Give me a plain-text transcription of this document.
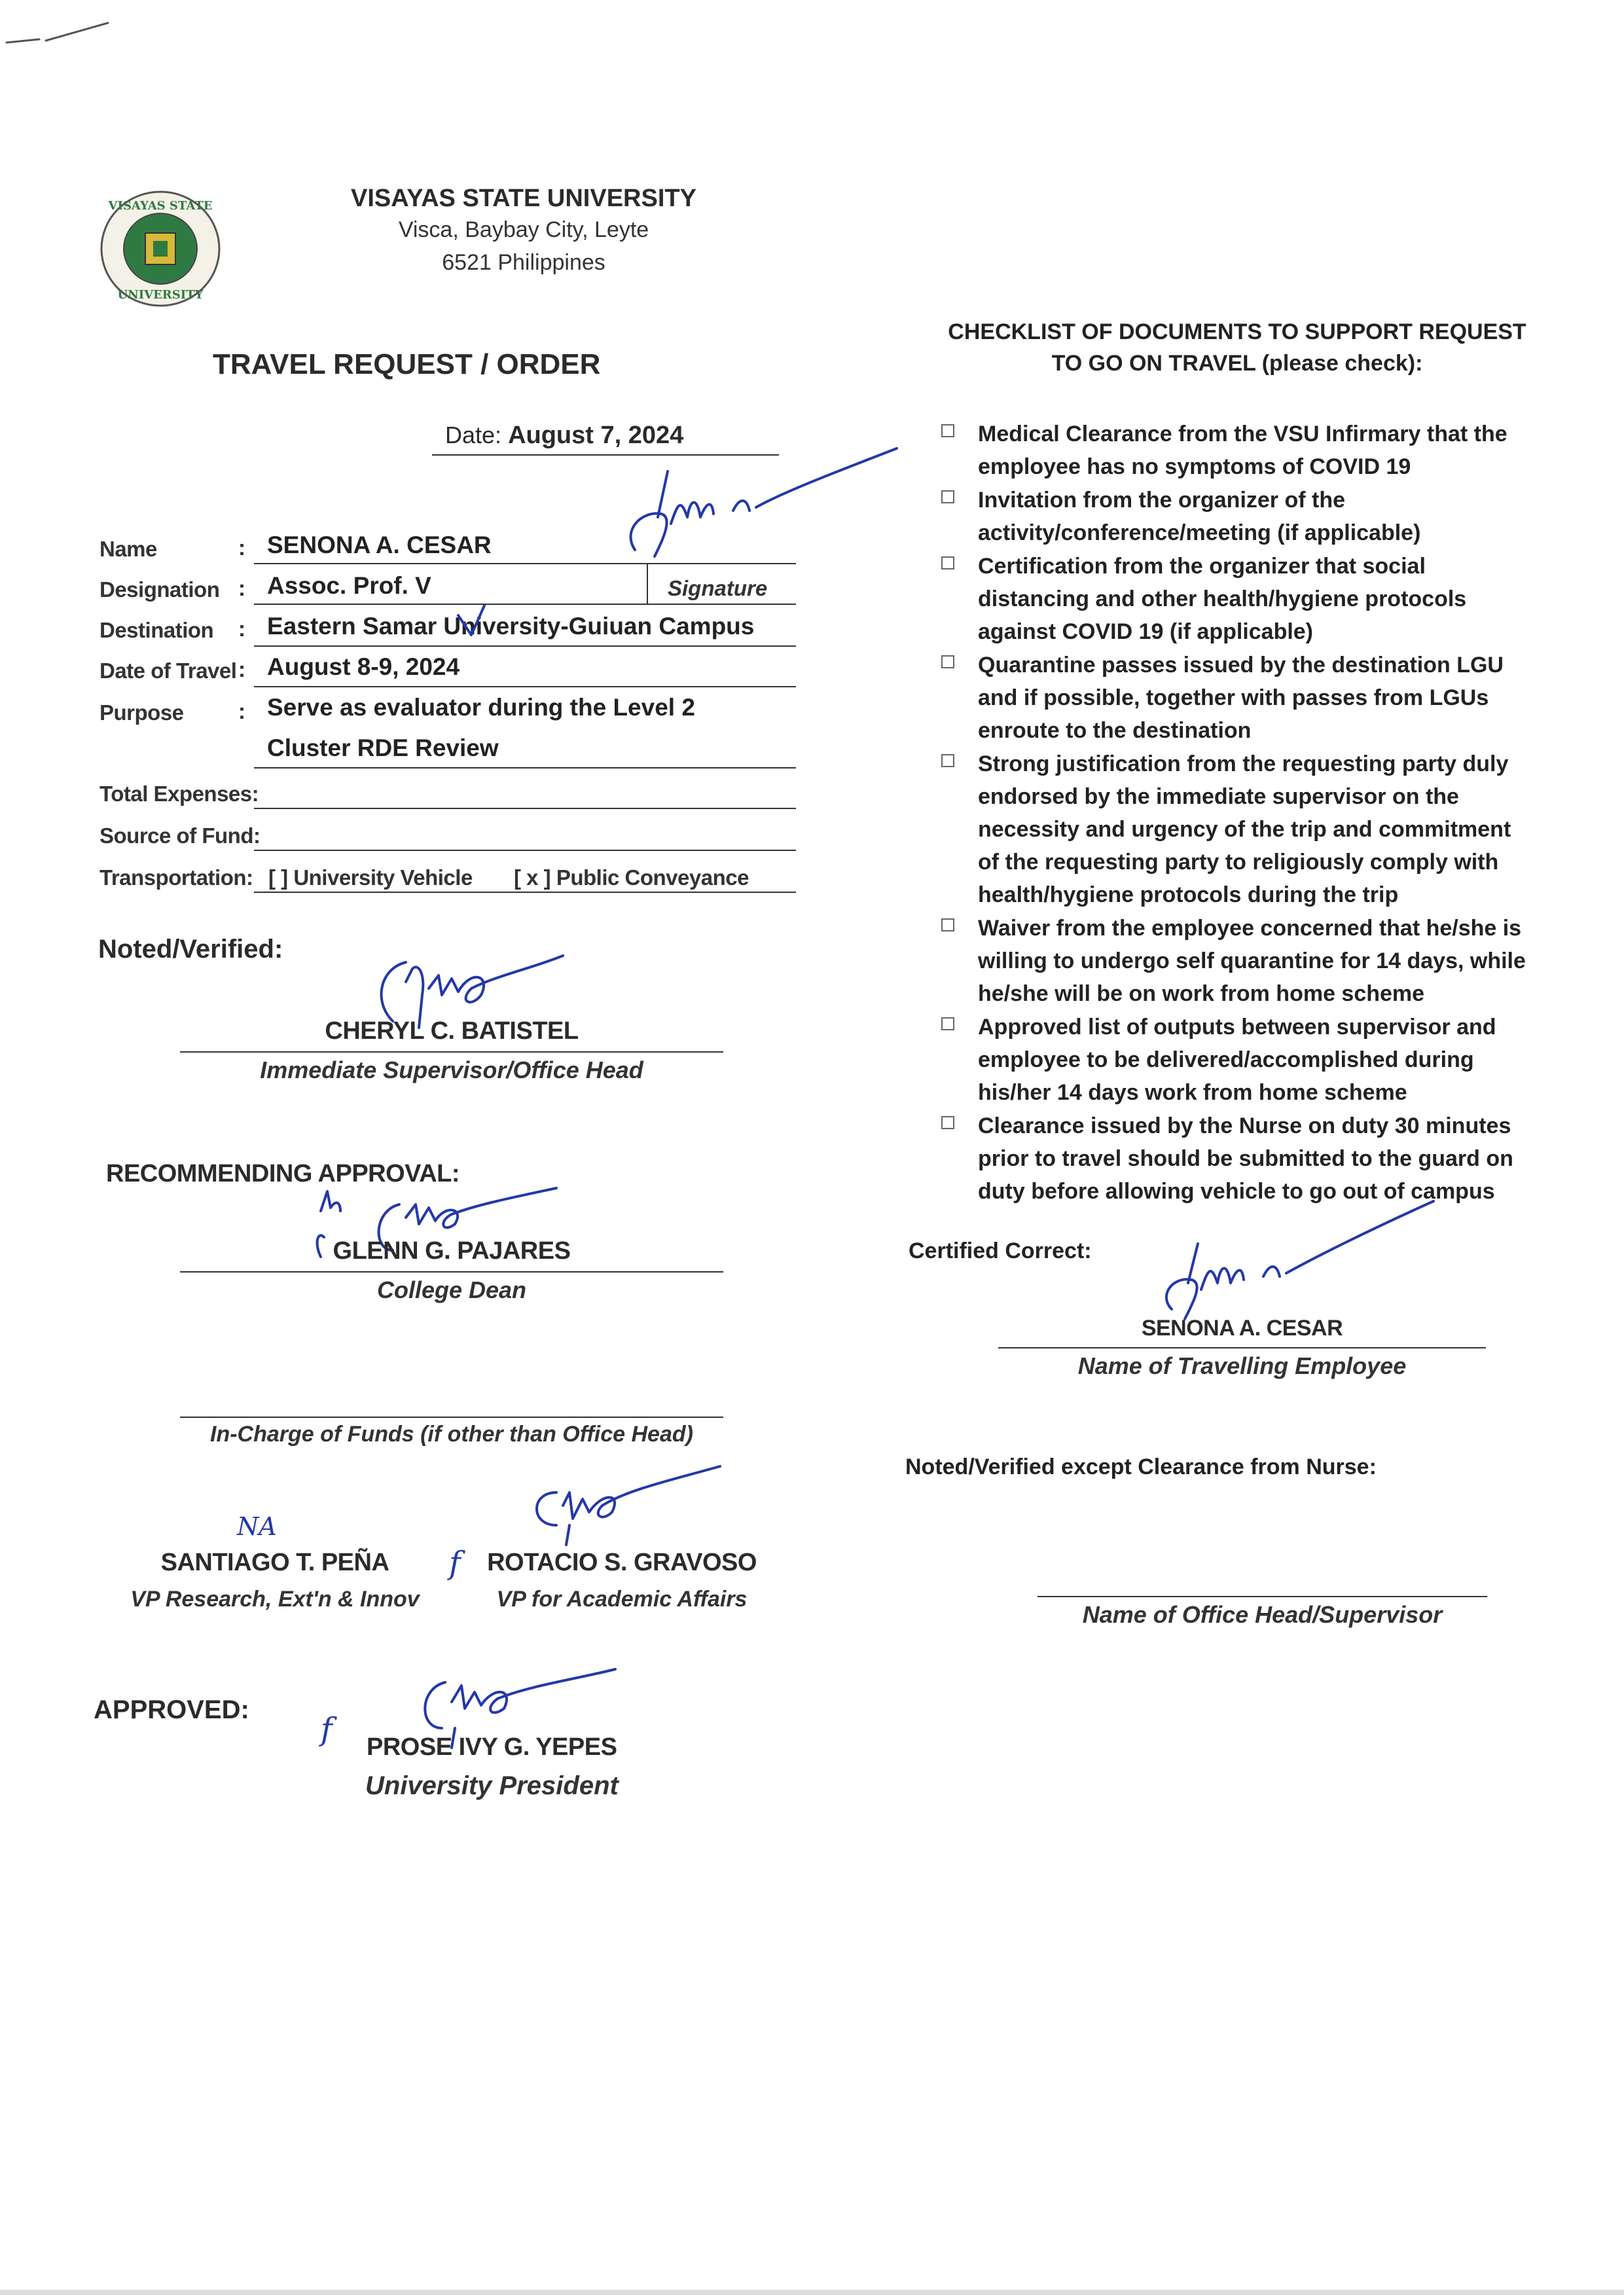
VISAYAS STATE
UNIVERSITY
VISAYAS STATE UNIVERSITY
Visca, Baybay City, Leyte
6521 Philippines
TRAVEL REQUEST / ORDER
Date: August 7, 2024
Name	: SENONA A. CESAR
Designation : Assoc. Prof. V	Signature
Destination : Eastern Samar University-Guiuan Campus
Date of Travel : August 8-9, 2024
Purpose	: Serve as evaluator during the Level 2
Cluster RDE Review
Total Expenses:
Source of Fund:
Transportation: [ ] University Vehicle [ x ] Public Conveyance
Noted/Verified:
CHERYL C. BATISTEL
Immediate Supervisor/Office Head
RECOMMENDING APPROVAL:
GLENN G. PAJARES
College Dean
In-Charge of Funds (if other than Office Head)
NA
SANTIAGO T. PEÑA
VP Research, Ext'n & Innov
f	ROTACIO S. GRAVOSO
VP for Academic Affairs
APPROVED:
f PROSE IVY G. YEPES
University President
CHECKLIST OF DOCUMENTS TO SUPPORT REQUEST
TO GO ON TRAVEL (please check):
Medical Clearance from the VSU Infirmary that the
employee has no symptoms of COVID 19
Invitation from the organizer of the
activity/conference/meeting (if applicable)
Certification from the organizer that social
distancing and other health/hygiene protocols
against COVID 19 (if applicable)
Quarantine passes issued by the destination LGU
and if possible, together with passes from LGUs
enroute to the destination
Strong justification from the requesting party duly
endorsed by the immediate supervisor on the
necessity and urgency of the trip and commitment
of the requesting party to religiously comply with
health/hygiene protocols during the trip
Waiver from the employee concerned that he/she is
willing to undergo self quarantine for 14 days, while
he/she will be on work from home scheme
Approved list of outputs between supervisor and
employee to be delivered/accomplished during
his/her 14 days work from home scheme
Clearance issued by the Nurse on duty 30 minutes
prior to travel should be submitted to the guard on
duty before allowing vehicle to go out of campus
Certified Correct:
SENONA A. CESAR
Name of Travelling Employee
Noted/Verified except Clearance from Nurse:
Name of Office Head/Supervisor
